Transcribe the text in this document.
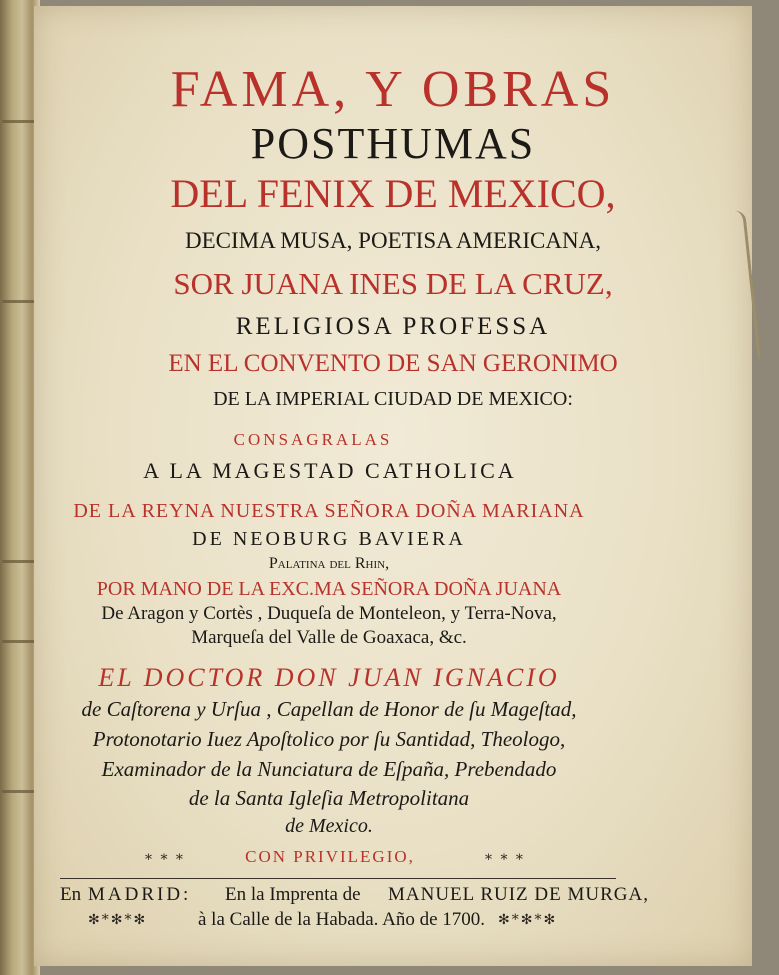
FAMA, Y OBRAS
POSTHUMAS
DEL FENIX DE MEXICO,
DECIMA MUSA, POETISA AMERICANA,
SOR JUANA INES DE LA CRUZ,
RELIGIOSA PROFESSA
EN EL CONVENTO DE SAN GERONIMO
DE LA IMPERIAL CIUDAD DE MEXICO:
CONSAGRALAS
A LA MAGESTAD CATHOLICA
DE LA REYNA NUESTRA SEÑORA DOÑA MARIANA
DE NEOBURG BAVIERA
Palatina del Rhin,
POR MANO DE LA EXC.MA SEÑORA DOÑA JUANA
De Aragon y Cortès , Duqueſa de Monteleon, y Terra-Nova,
Marqueſa del Valle de Goaxaca, &c.
EL DOCTOR DON JUAN IGNACIO
de Caſtorena y Urſua , Capellan de Honor de ſu Mageſtad,
Protonotario Iuez Apoſtolico por ſu Santidad, Theologo,
Examinador de la Nunciatura de Eſpaña, Prebendado
de la Santa Igleſia Metropolitana
de Mexico.
* * *	CON PRIVILEGIO,	* * *
En MADRID: En la Imprenta de MANUEL RUIZ DE MURGA,
✻*✻*✻	à la Calle de la Habada. Año de 1700. ✻*✻*✻
